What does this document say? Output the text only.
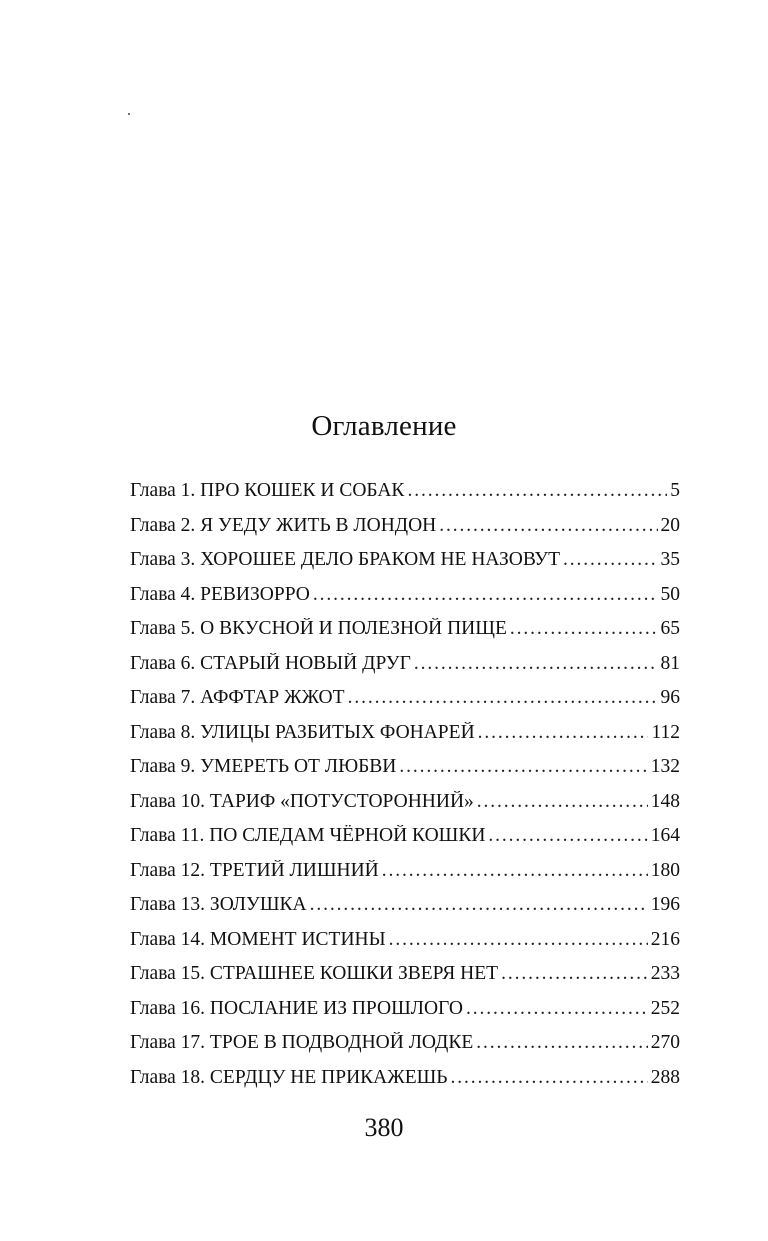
Оглавление
Глава 1. ПРО КОШЕК И СОБАК . . .	5
Глава 2. Я УЕДУ ЖИТЬ В ЛОНДОН . . .	20
Глава 3. ХОРОШЕЕ ДЕЛО БРАКОМ НЕ НАЗОВУТ . . .	35
Глава 4. РЕВИЗОРРО . . .	50
Глава 5. О ВКУСНОЙ И ПОЛЕЗНОЙ ПИЩЕ . . .	65
Глава 6. СТАРЫЙ НОВЫЙ ДРУГ . . .	81
Глава 7. АФФТАР ЖЖОТ . . .	96
Глава 8. УЛИЦЫ РАЗБИТЫХ ФОНАРЕЙ . . .	112
Глава 9. УМЕРЕТЬ ОТ ЛЮБВИ . . .	132
Глава 10. ТАРИФ «ПОТУСТОРОННИЙ» . . .	148
Глава 11. ПО СЛЕДАМ ЧЁРНОЙ КОШКИ . . .	164
Глава 12. ТРЕТИЙ ЛИШНИЙ . . .	180
Глава 13. ЗОЛУШКА . . .	196
Глава 14. МОМЕНТ ИСТИНЫ . . .	216
Глава 15. СТРАШНЕЕ КОШКИ ЗВЕРЯ НЕТ . . .	233
Глава 16. ПОСЛАНИЕ ИЗ ПРОШЛОГО . . .	252
Глава 17. ТРОЕ В ПОДВОДНОЙ ЛОДКЕ . . .	270
Глава 18. СЕРДЦУ НЕ ПРИКАЖЕШЬ . . .	288
380
